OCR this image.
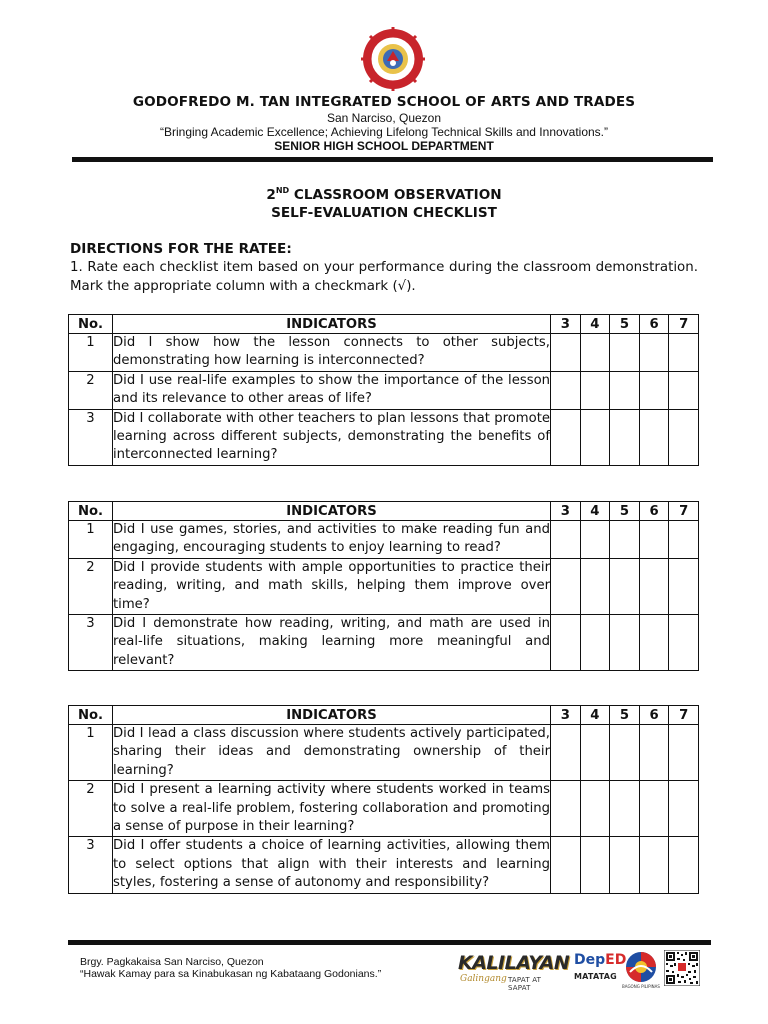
GODOFREDO M. TAN INTEGRATED SCHOOL OF ARTS AND TRADES
San Narciso, Quezon
“Bringing Academic Excellence; Achieving Lifelong Technical Skills and Innovations.”
SENIOR HIGH SCHOOL DEPARTMENT
2ND CLASSROOM OBSERVATION
SELF-EVALUATION CHECKLIST
DIRECTIONS FOR THE RATEE:
1. Rate each checklist item based on your performance during the classroom demonstration. Mark the appropriate column with a checkmark (√).
No.	INDICATORS	3	4	5	6	7
1	Did I show how the lesson connects to other subjects, demonstrating how learning is interconnected?					
2	Did I use real-life examples to show the importance of the lesson and its relevance to other areas of life?					
3	Did I collaborate with other teachers to plan lessons that promote learning across different subjects, demonstrating the benefits of interconnected learning?					
No.	INDICATORS	3	4	5	6	7
1	Did I use games, stories, and activities to make reading fun and engaging, encouraging students to enjoy learning to read?					
2	Did I provide students with ample opportunities to practice their reading, writing, and math skills, helping them improve over time?					
3	Did I demonstrate how reading, writing, and math are used in real-life situations, making learning more meaningful and relevant?					
No.	INDICATORS	3	4	5	6	7
1	Did I lead a class discussion where students actively participated, sharing their ideas and demonstrating ownership of their learning?					
2	Did I present a learning activity where students worked in teams to solve a real-life problem, fostering collaboration and promoting a sense of purpose in their learning?					
3	Did I offer students a choice of learning activities, allowing them to select options that align with their interests and learning styles, fostering a sense of autonomy and responsibility?					
Brgy. Pagkakaisa San Narciso, Quezon
“Hawak Kamay para sa Kinabukasan ng Kabataang Godonians.”	KALILAYAN
Galingang TAPAT AT SAPAT
DepED
MATATAG
BAGONG PILIPINAS
